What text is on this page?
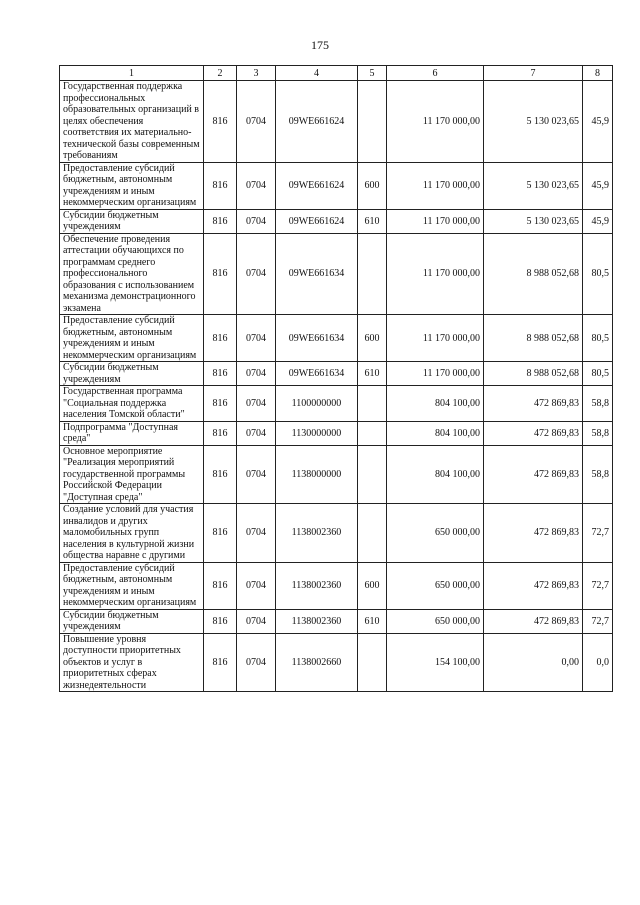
175
1	2	3	4	5	6	7	8
Государственная поддержка профессиональных образовательных организаций в целях обеспечения соответствия их материально-технической базы современным требованиям	816	0704	09WE661624		11 170 000,00	5 130 023,65	45,9
Предоставление субсидий бюджетным, автономным учреждениям и иным некоммерческим организациям	816	0704	09WE661624	600	11 170 000,00	5 130 023,65	45,9
Субсидии бюджетным учреждениям	816	0704	09WE661624	610	11 170 000,00	5 130 023,65	45,9
Обеспечение проведения аттестации обучающихся по программам среднего профессионального образования с использованием механизма демонстрационного экзамена	816	0704	09WE661634		11 170 000,00	8 988 052,68	80,5
Предоставление субсидий бюджетным, автономным учреждениям и иным некоммерческим организациям	816	0704	09WE661634	600	11 170 000,00	8 988 052,68	80,5
Субсидии бюджетным учреждениям	816	0704	09WE661634	610	11 170 000,00	8 988 052,68	80,5
Государственная программа "Социальная поддержка населения Томской области"	816	0704	1100000000		804 100,00	472 869,83	58,8
Подпрограмма "Доступная среда"	816	0704	1130000000		804 100,00	472 869,83	58,8
Основное мероприятие "Реализация мероприятий государственной программы Российской Федерации "Доступная среда"	816	0704	1138000000		804 100,00	472 869,83	58,8
Создание условий для участия инвалидов и других маломобильных групп населения в культурной жизни общества наравне с другими	816	0704	1138002360		650 000,00	472 869,83	72,7
Предоставление субсидий бюджетным, автономным учреждениям и иным некоммерческим организациям	816	0704	1138002360	600	650 000,00	472 869,83	72,7
Субсидии бюджетным учреждениям	816	0704	1138002360	610	650 000,00	472 869,83	72,7
Повышение уровня доступности приоритетных объектов и услуг в приоритетных сферах жизнедеятельности	816	0704	1138002660		154 100,00	0,00	0,0
